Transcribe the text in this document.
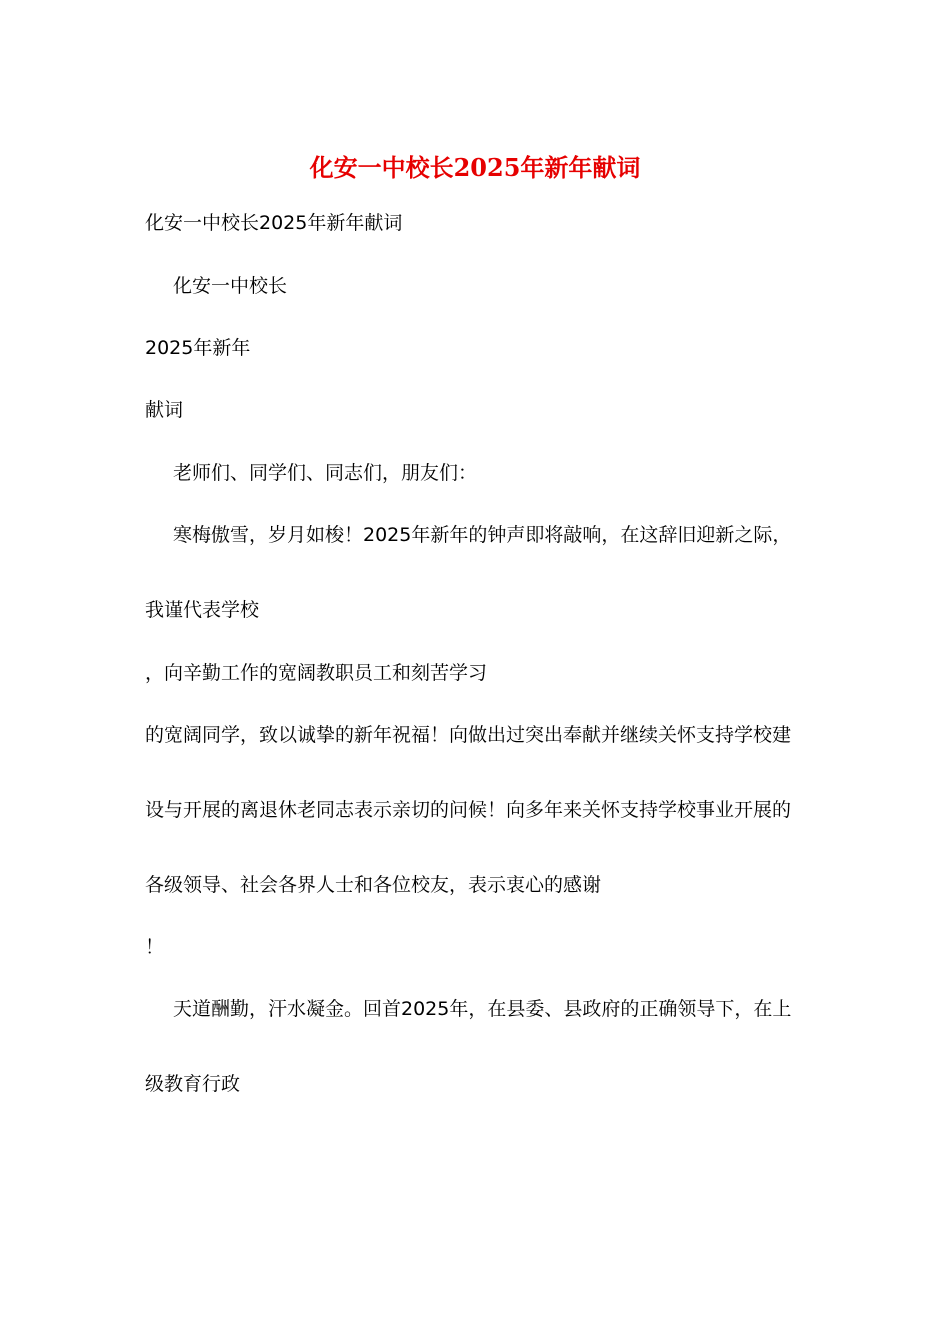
化安一中校长2025年新年献词

化安一中校长2025年新年献词

化安一中校长

2025年新年

献词

老师们、同学们、同志们，朋友们：

寒梅傲雪，岁月如梭！2025年新年的钟声即将敲响，在这辞旧迎新之际，

我谨代表学校

，向辛勤工作的宽阔教职员工和刻苦学习

的宽阔同学，致以诚挚的新年祝福！向做出过突出奉献并继续关怀支持学校建

设与开展的离退休老同志表示亲切的问候！向多年来关怀支持学校事业开展的

各级领导、社会各界人士和各位校友，表示衷心的感谢

！

天道酬勤，汗水凝金。回首2025年，在县委、县政府的正确领导下，在上

级教育行政
